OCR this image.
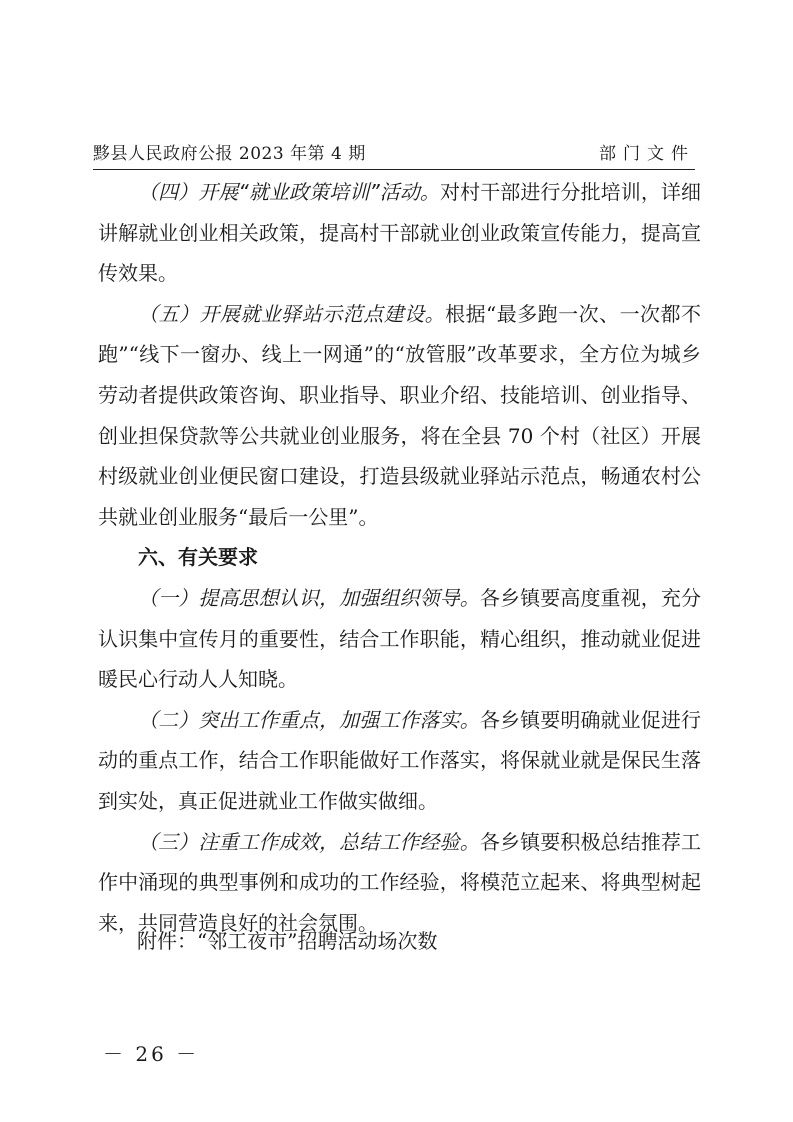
黟县人民政府公报 2023 年第 4 期	部门文件

（四）开展“就业政策培训”活动。对村干部进行分批培训，详细讲解就业创业相关政策，提高村干部就业创业政策宣传能力，提高宣传效果。

（五）开展就业驿站示范点建设。根据“最多跑一次、一次都不跑”“线下一窗办、线上一网通”的“放管服”改革要求，全方位为城乡劳动者提供政策咨询、职业指导、职业介绍、技能培训、创业指导、创业担保贷款等公共就业创业服务，将在全县 70 个村（社区）开展村级就业创业便民窗口建设，打造县级就业驿站示范点，畅通农村公共就业创业服务“最后一公里”。

六、有关要求

（一）提高思想认识，加强组织领导。各乡镇要高度重视，充分认识集中宣传月的重要性，结合工作职能，精心组织，推动就业促进暖民心行动人人知晓。

（二）突出工作重点，加强工作落实。各乡镇要明确就业促进行动的重点工作，结合工作职能做好工作落实，将保就业就是保民生落到实处，真正促进就业工作做实做细。

（三）注重工作成效，总结工作经验。各乡镇要积极总结推荐工作中涌现的典型事例和成功的工作经验，将模范立起来、将典型树起来，共同营造良好的社会氛围。

附件：“邻工夜市”招聘活动场次数
－ 26 －
